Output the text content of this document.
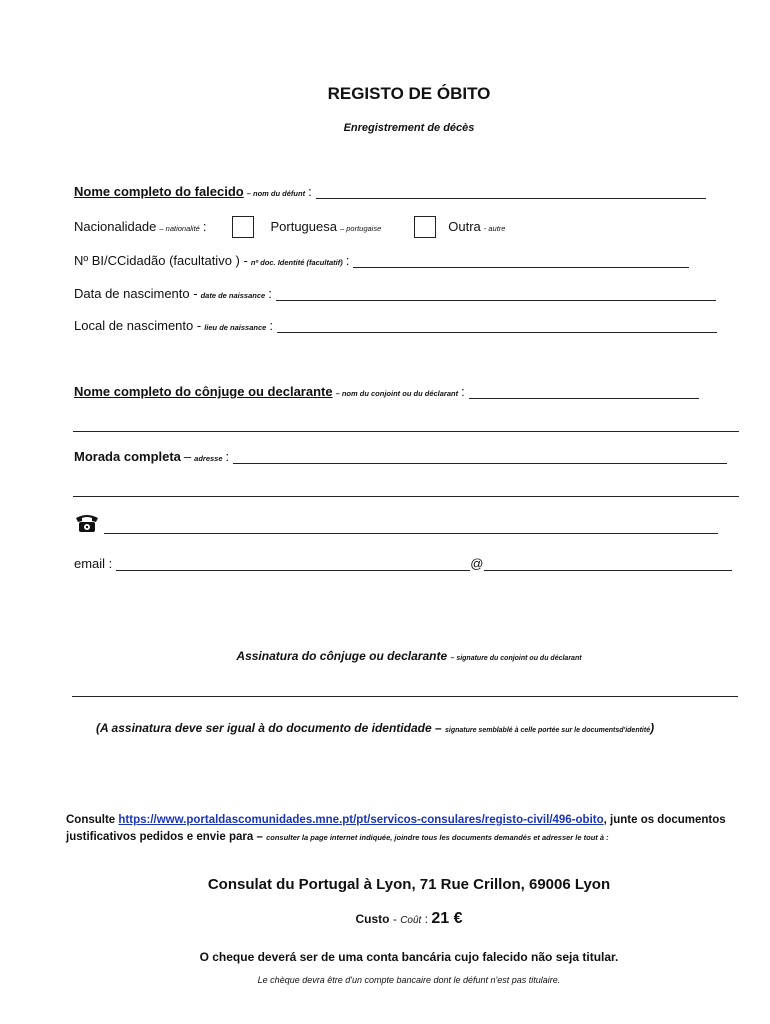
REGISTO DE ÓBITO
Enregistrement de décès
Nome completo do falecido – nom du défunt :
Nacionalidade – nationalité :	Portuguesa – portugaise	Outra - autre
Nº BI/CCidadão (facultativo ) - nº doc. Identité (facultatif) :
Data de nascimento - date de naissance :
Local de nascimento - lieu de naissance :
Nome completo do cônjuge ou declarante – nom du conjoint ou du déclarant :
Morada completa – adresse :
email :	@
Assinatura do cônjuge ou declarante – signature du conjoint ou du déclarant
(A assinatura deve ser igual à do documento de identidade – signature semblablé à celle portée sur le documentsd'identité)
Consulte https://www.portaldascomunidades.mne.pt/pt/servicos-consulares/registo-civil/496-obito, junte os documentos justificativos pedidos e envie para – consulter la page internet indiquée, joindre tous les documents demandés et adresser le tout à :
Consulat du Portugal à Lyon, 71 Rue Crillon, 69006 Lyon
Custo - Coût : 21 €
O cheque deverá ser de uma conta bancária cujo falecido não seja titular.
Le chèque devra être d'un compte bancaire dont le défunt n'est pas titulaire.
